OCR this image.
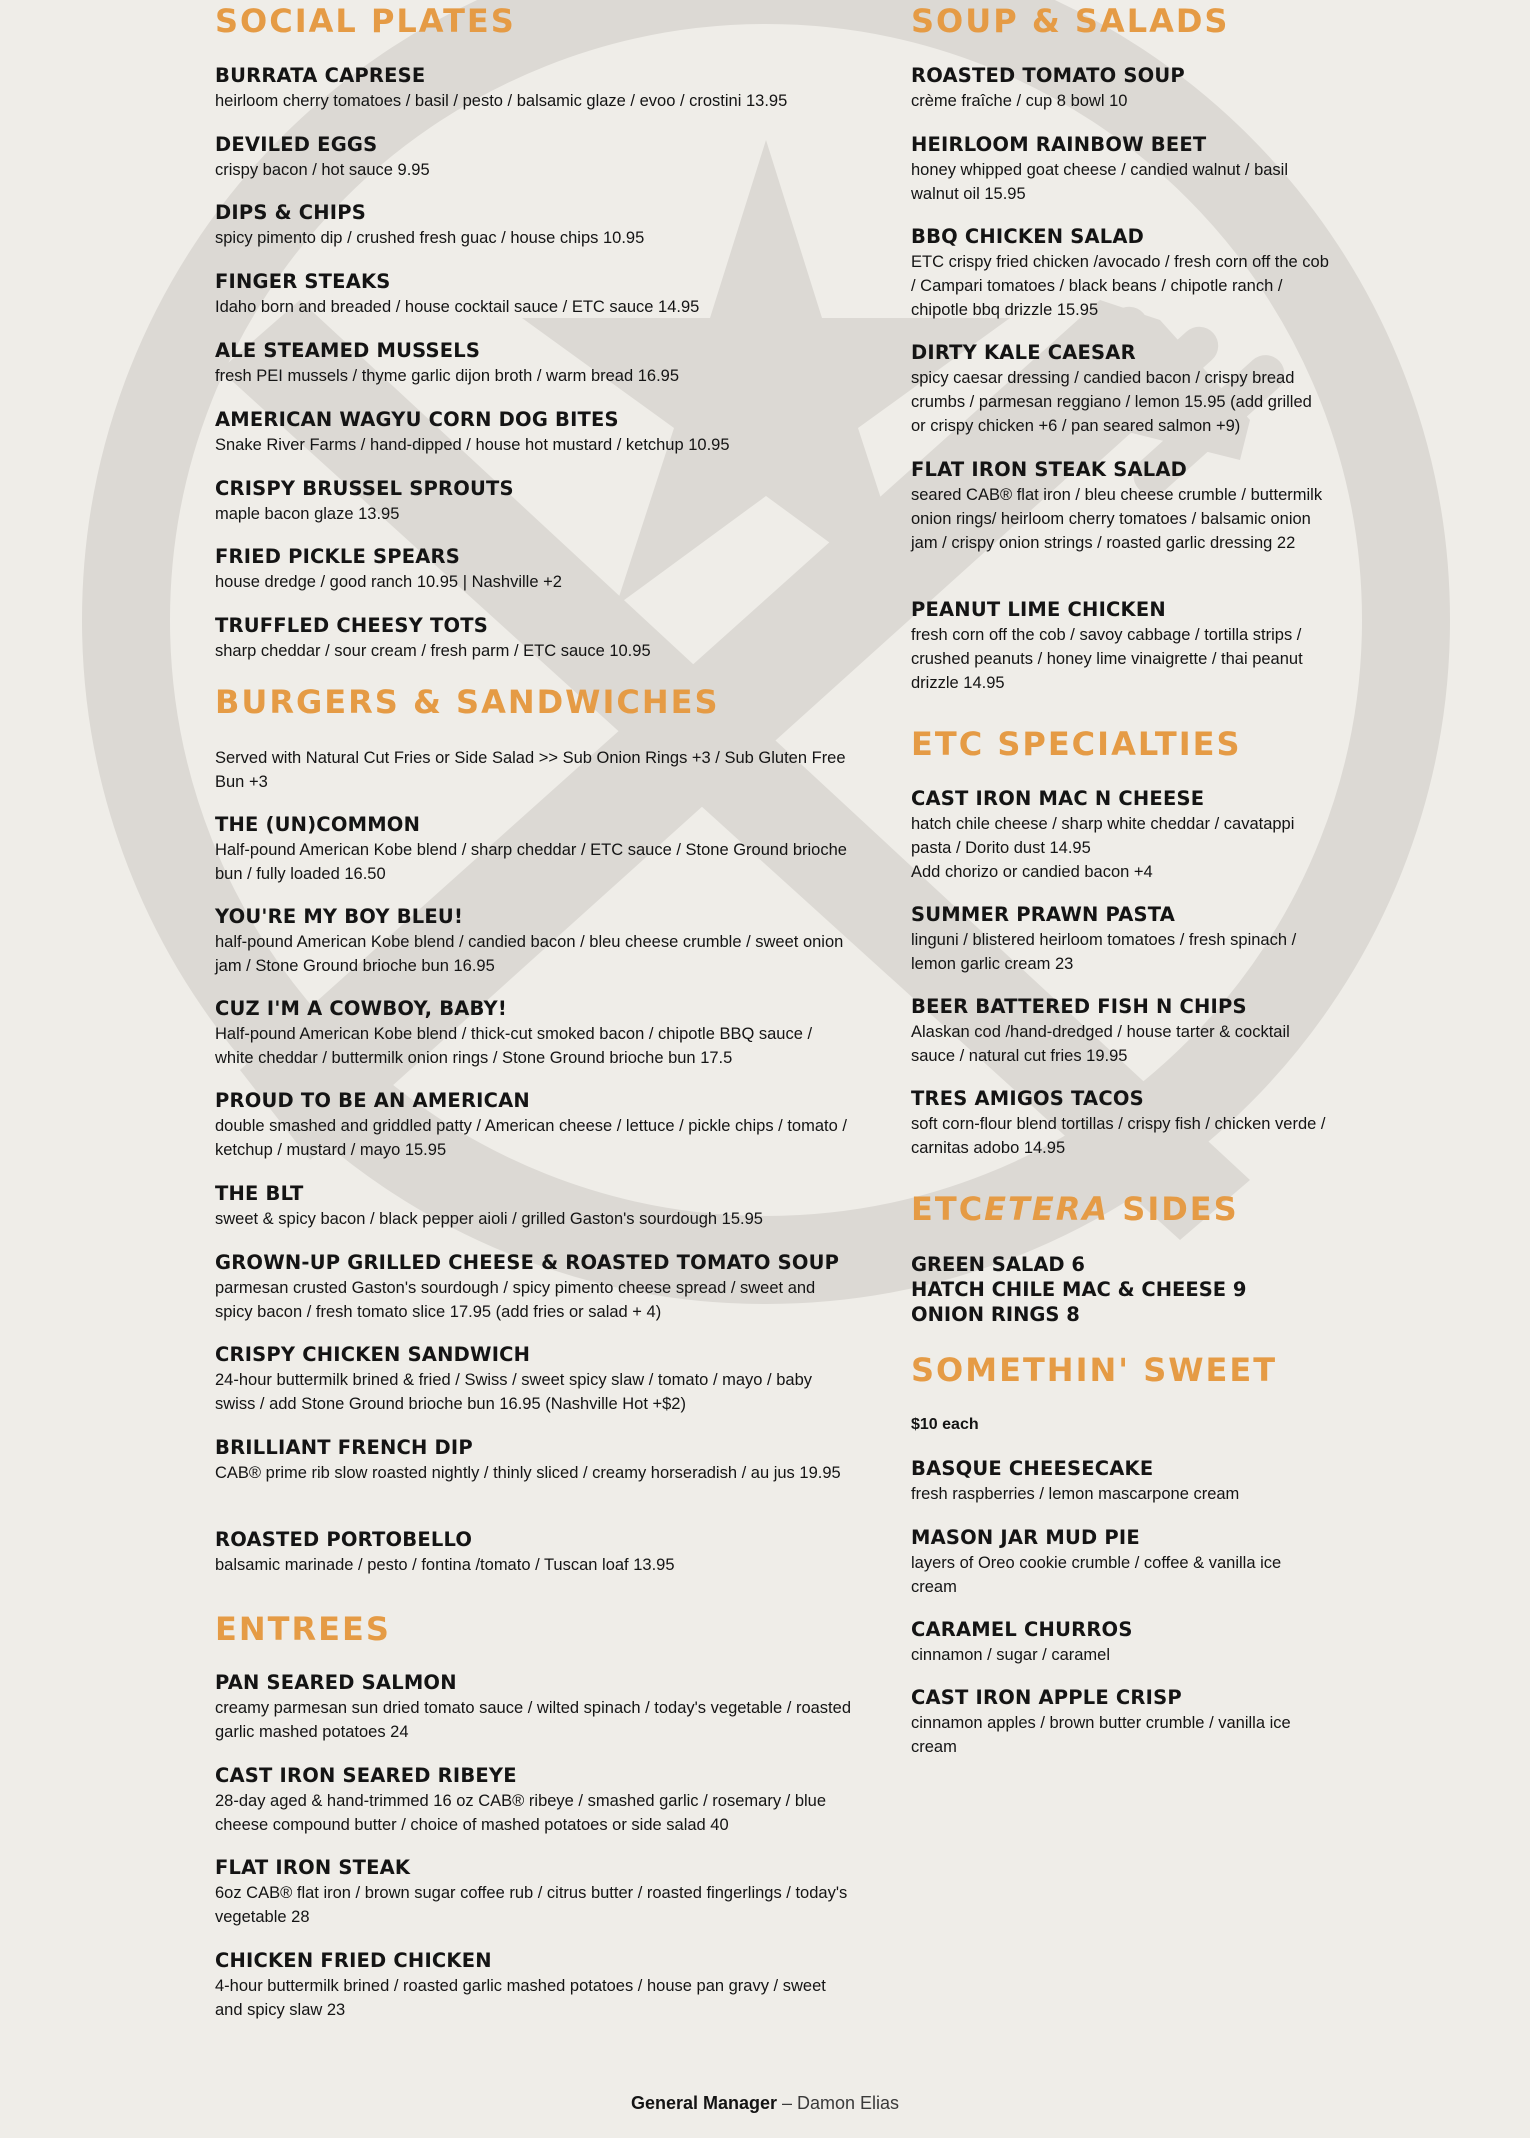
SOCIAL PLATES
BURRATA CAPRESE
heirloom cherry tomatoes / basil / pesto / balsamic glaze / evoo / crostini 13.95
DEVILED EGGS
crispy bacon / hot sauce 9.95
DIPS & CHIPS
spicy pimento dip / crushed fresh guac / house chips 10.95
FINGER STEAKS
Idaho born and breaded / house cocktail sauce / ETC sauce 14.95
ALE STEAMED MUSSELS
fresh PEI mussels / thyme garlic dijon broth / warm bread 16.95
AMERICAN WAGYU CORN DOG BITES
Snake River Farms / hand-dipped / house hot mustard / ketchup 10.95
CRISPY BRUSSEL SPROUTS
maple bacon glaze 13.95
FRIED PICKLE SPEARS
house dredge / good ranch 10.95 | Nashville +2
TRUFFLED CHEESY TOTS
sharp cheddar / sour cream / fresh parm / ETC sauce 10.95
BURGERS & SANDWICHES

Served with Natural Cut Fries or Side Salad >> Sub Onion Rings +3 / Sub Gluten Free Bun +3

THE (UN)COMMON
Half-pound American Kobe blend / sharp cheddar / ETC sauce / Stone Ground brioche bun / fully loaded 16.50
YOU'RE MY BOY BLEU!
half-pound American Kobe blend / candied bacon / bleu cheese crumble / sweet onion jam / Stone Ground brioche bun 16.95
CUZ I'M A COWBOY, BABY!
Half-pound American Kobe blend / thick-cut smoked bacon / chipotle BBQ sauce / white cheddar / buttermilk onion rings / Stone Ground brioche bun 17.5
PROUD TO BE AN AMERICAN
double smashed and griddled patty / American cheese / lettuce / pickle chips / tomato / ketchup / mustard / mayo 15.95
THE BLT
sweet & spicy bacon / black pepper aioli / grilled Gaston's sourdough 15.95
GROWN-UP GRILLED CHEESE & ROASTED TOMATO SOUP
parmesan crusted Gaston's sourdough / spicy pimento cheese spread / sweet and spicy bacon / fresh tomato slice 17.95 (add fries or salad + 4)
CRISPY CHICKEN SANDWICH
24-hour buttermilk brined & fried / Swiss / sweet spicy slaw / tomato / mayo / baby swiss / add Stone Ground brioche bun 16.95 (Nashville Hot +$2)
BRILLIANT FRENCH DIP
CAB® prime rib slow roasted nightly / thinly sliced / creamy horseradish / au jus 19.95
ROASTED PORTOBELLO
balsamic marinade / pesto / fontina /tomato / Tuscan loaf 13.95
ENTREES
PAN SEARED SALMON
creamy parmesan sun dried tomato sauce / wilted spinach / today's vegetable / roasted garlic mashed potatoes 24
CAST IRON SEARED RIBEYE
28-day aged & hand-trimmed 16 oz CAB® ribeye / smashed garlic / rosemary / blue cheese compound butter / choice of mashed potatoes or side salad 40
FLAT IRON STEAK
6oz CAB® flat iron / brown sugar coffee rub / citrus butter / roasted fingerlings / today's vegetable 28
CHICKEN FRIED CHICKEN
4-hour buttermilk brined / roasted garlic mashed potatoes / house pan gravy / sweet and spicy slaw 23
SOUP & SALADS
ROASTED TOMATO SOUP
crème fraîche / cup 8 bowl 10
HEIRLOOM RAINBOW BEET
honey whipped goat cheese / candied walnut / basil walnut oil 15.95
BBQ CHICKEN SALAD
ETC crispy fried chicken /avocado / fresh corn off the cob / Campari tomatoes / black beans / chipotle ranch / chipotle bbq drizzle 15.95
DIRTY KALE CAESAR
spicy caesar dressing / candied bacon / crispy bread crumbs / parmesan reggiano / lemon 15.95 (add grilled or crispy chicken +6 / pan seared salmon +9)
FLAT IRON STEAK SALAD
seared CAB® flat iron / bleu cheese crumble / buttermilk onion rings/ heirloom cherry tomatoes / balsamic onion jam / crispy onion strings / roasted garlic dressing 22
PEANUT LIME CHICKEN
fresh corn off the cob / savoy cabbage / tortilla strips / crushed peanuts / honey lime vinaigrette / thai peanut drizzle 14.95
ETC SPECIALTIES
CAST IRON MAC N CHEESE
hatch chile cheese / sharp white cheddar / cavatappi pasta / Dorito dust 14.95
Add chorizo or candied bacon +4
SUMMER PRAWN PASTA
linguni / blistered heirloom tomatoes / fresh spinach / lemon garlic cream 23
BEER BATTERED FISH N CHIPS
Alaskan cod /hand-dredged / house tarter & cocktail sauce / natural cut fries 19.95
TRES AMIGOS TACOS
soft corn-flour blend tortillas / crispy fish / chicken verde / carnitas adobo 14.95
ETCETERA SIDES
GREEN SALAD 6
HATCH CHILE MAC & CHEESE 9
ONION RINGS 8
SOMETHIN' SWEET

$10 each

BASQUE CHEESECAKE
fresh raspberries / lemon mascarpone cream
MASON JAR MUD PIE
layers of Oreo cookie crumble / coffee & vanilla ice cream
CARAMEL CHURROS
cinnamon / sugar / caramel
CAST IRON APPLE CRISP
cinnamon apples / brown butter crumble / vanilla ice cream
General Manager – Damon Elias
